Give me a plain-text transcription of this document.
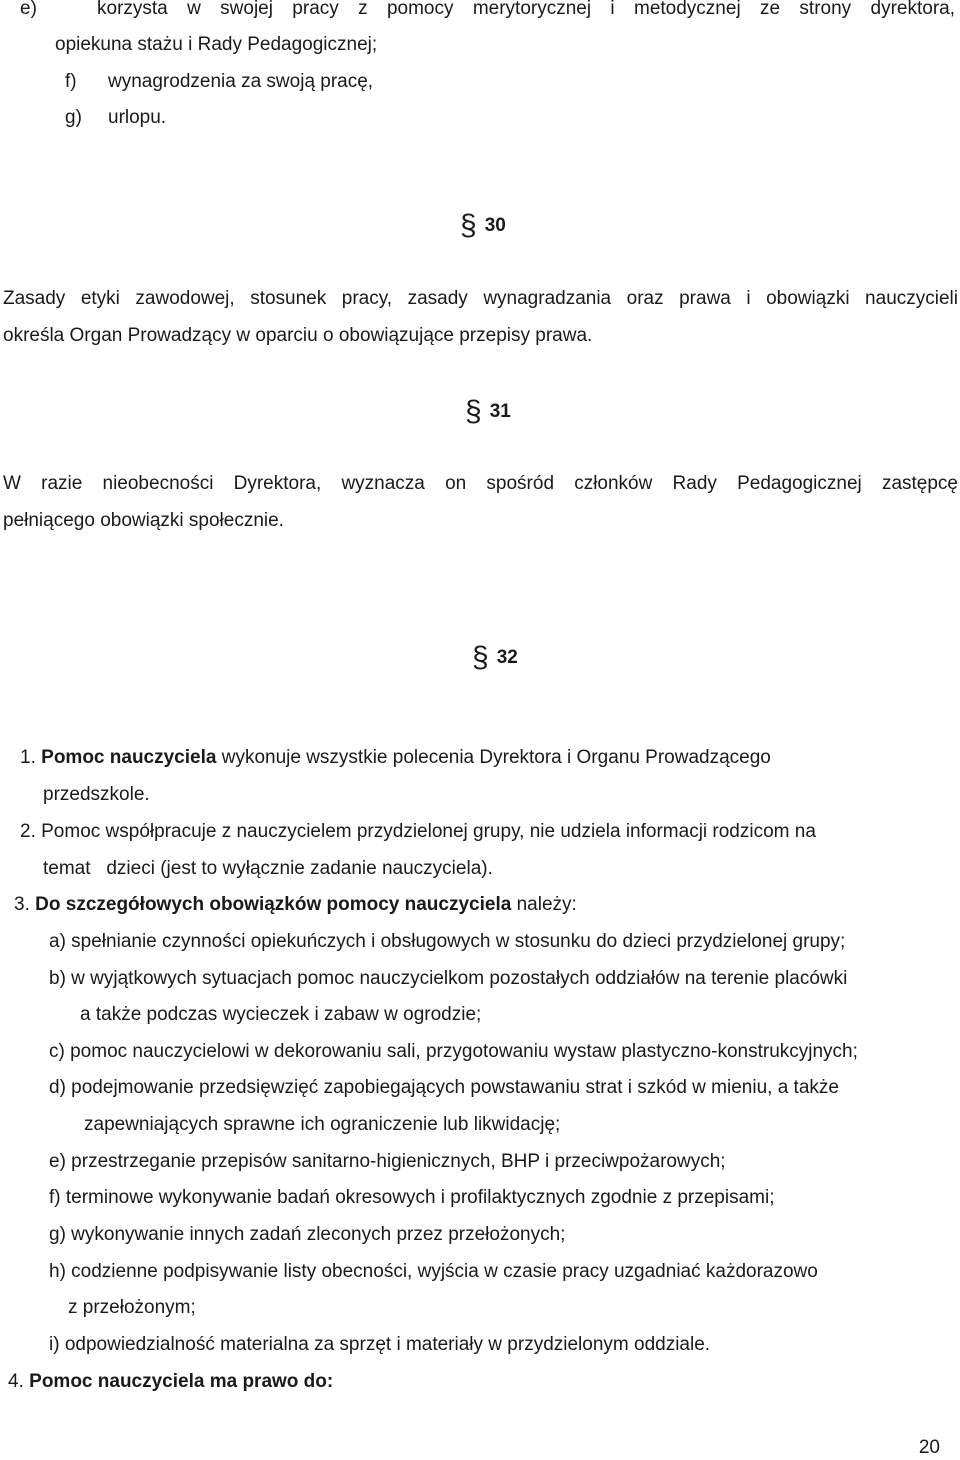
e)	korzysta w swojej pracy z pomocy merytorycznej i metodycznej ze strony dyrektora,
opiekuna stażu i Rady Pedagogicznej;
f) wynagrodzenia za swoją pracę,
g) urlopu.
§ 30
Zasady etyki zawodowej, stosunek pracy, zasady wynagradzania oraz prawa i obowiązki nauczycieli
określa Organ Prowadzący w oparciu o obowiązujące przepisy prawa.
§ 31
W razie nieobecności Dyrektora, wyznacza on spośród członków Rady Pedagogicznej zastępcę
pełniącego obowiązki społecznie.
§ 32
1. Pomoc nauczyciela wykonuje wszystkie polecenia Dyrektora i Organu Prowadzącego
przedszkole.
2. Pomoc współpracuje z nauczycielem przydzielonej grupy, nie udziela informacji rodzicom na
temat   dzieci (jest to wyłącznie zadanie nauczyciela).
3. Do szczegółowych obowiązków pomocy nauczyciela należy:
a) spełnianie czynności opiekuńczych i obsługowych w stosunku do dzieci przydzielonej grupy;
b) w wyjątkowych sytuacjach pomoc nauczycielkom pozostałych oddziałów na terenie placówki
a także podczas wycieczek i zabaw w ogrodzie;
c) pomoc nauczycielowi w dekorowaniu sali, przygotowaniu wystaw plastyczno-konstrukcyjnych;
d) podejmowanie przedsięwzięć zapobiegających powstawaniu strat i szkód w mieniu, a także
zapewniających sprawne ich ograniczenie lub likwidację;
e) przestrzeganie przepisów sanitarno-higienicznych, BHP i przeciwpożarowych;
f) terminowe wykonywanie badań okresowych i profilaktycznych zgodnie z przepisami;
g) wykonywanie innych zadań zleconych przez przełożonych;
h) codzienne podpisywanie listy obecności, wyjścia w czasie pracy uzgadniać każdorazowo
z przełożonym;
i) odpowiedzialność materialna za sprzęt i materiały w przydzielonym oddziale.
4. Pomoc nauczyciela ma prawo do:
20
